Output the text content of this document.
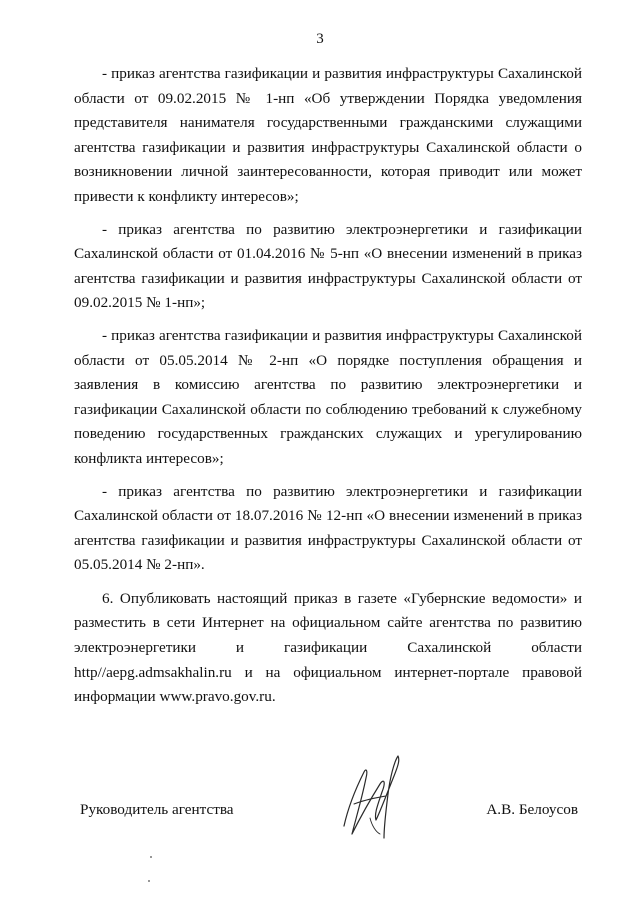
3

- приказ агентства газификации и развития инфраструктуры Сахалинской области от 09.02.2015 № 1-нп «Об утверждении Порядка уведомления представителя нанимателя государственными гражданскими служащими агентства газификации и развития инфраструктуры Сахалинской области о возникновении личной заинтересованности, которая приводит или может привести к конфликту интересов»;

- приказ агентства по развитию электроэнергетики и газификации Сахалинской области от 01.04.2016 № 5-нп «О внесении изменений в приказ агентства газификации и развития инфраструктуры Сахалинской области от 09.02.2015 № 1-нп»;

- приказ агентства газификации и развития инфраструктуры Сахалинской области от 05.05.2014 № 2-нп «О порядке поступления обращения и заявления в комиссию агентства по развитию электроэнергетики и газификации Сахалинской области по соблюдению требований к служебному поведению государственных гражданских служащих и урегулированию конфликта интересов»;

- приказ агентства по развитию электроэнергетики и газификации Сахалинской области от 18.07.2016 № 12-нп «О внесении изменений в приказ агентства газификации и развития инфраструктуры Сахалинской области от 05.05.2014 № 2-нп».

6. Опубликовать настоящий приказ в газете «Губернские ведомости» и разместить в сети Интернет на официальном сайте агентства по развитию электроэнергетики и газификации Сахалинской области http//aepg.admsakhalin.ru и на официальном интернет-портале правовой информации www.pravo.gov.ru.

Руководитель агентства	А.В. Белоусов
